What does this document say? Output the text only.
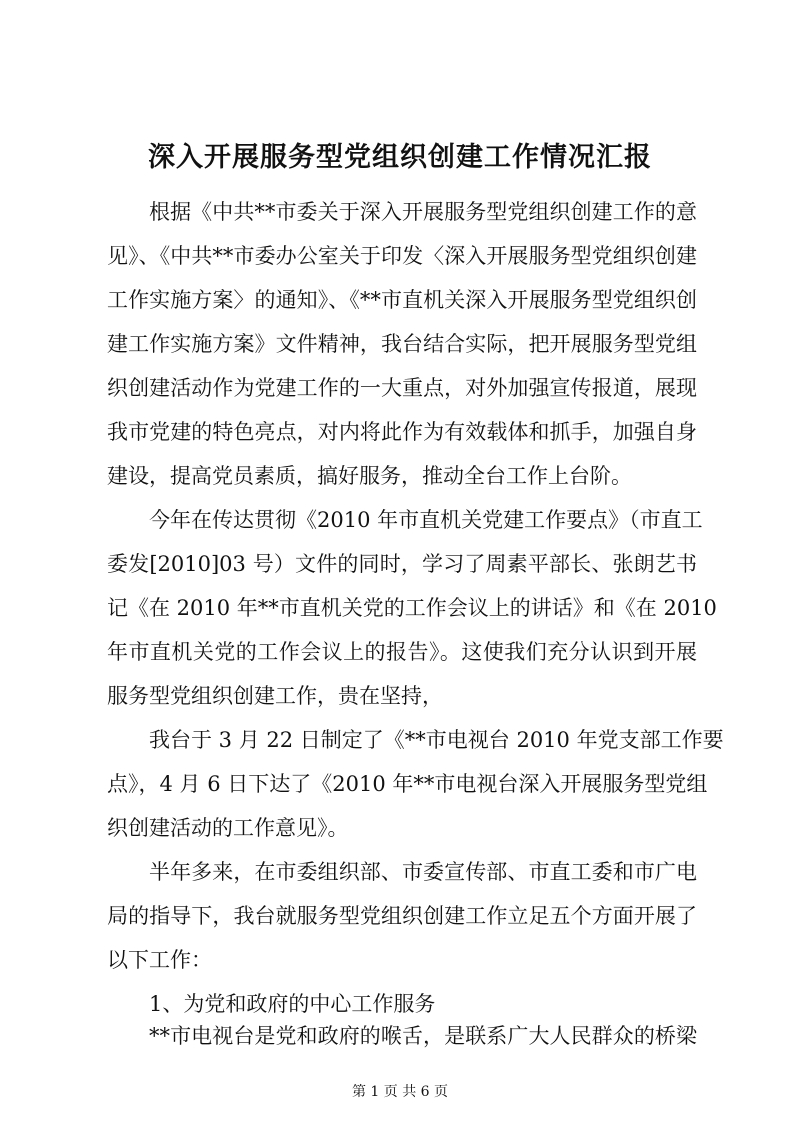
深入开展服务型党组织创建工作情况汇报
根据《中共**市委关于深入开展服务型党组织创建工作的意
见》、《中共**市委办公室关于印发〈深入开展服务型党组织创建
工作实施方案〉的通知》、《**市直机关深入开展服务型党组织创
建工作实施方案》文件精神，我台结合实际，把开展服务型党组
织创建活动作为党建工作的一大重点，对外加强宣传报道，展现
我市党建的特色亮点，对内将此作为有效载体和抓手，加强自身
建设，提高党员素质，搞好服务，推动全台工作上台阶。
今年在传达贯彻《2010 年市直机关党建工作要点》（市直工
委发[2010]03 号）文件的同时，学习了周素平部长、张朗艺书
记《在 2010 年**市直机关党的工作会议上的讲话》和《在 2010
年市直机关党的工作会议上的报告》。这使我们充分认识到开展
服务型党组织创建工作，贵在坚持，
我台于 3 月 22 日制定了《**市电视台 2010 年党支部工作要
点》，4 月 6 日下达了《2010 年**市电视台深入开展服务型党组
织创建活动的工作意见》。
半年多来，在市委组织部、市委宣传部、市直工委和市广电
局的指导下，我台就服务型党组织创建工作立足五个方面开展了
以下工作：
1、为党和政府的中心工作服务
**市电视台是党和政府的喉舌，是联系广大人民群众的桥梁
第 1 页 共 6 页
